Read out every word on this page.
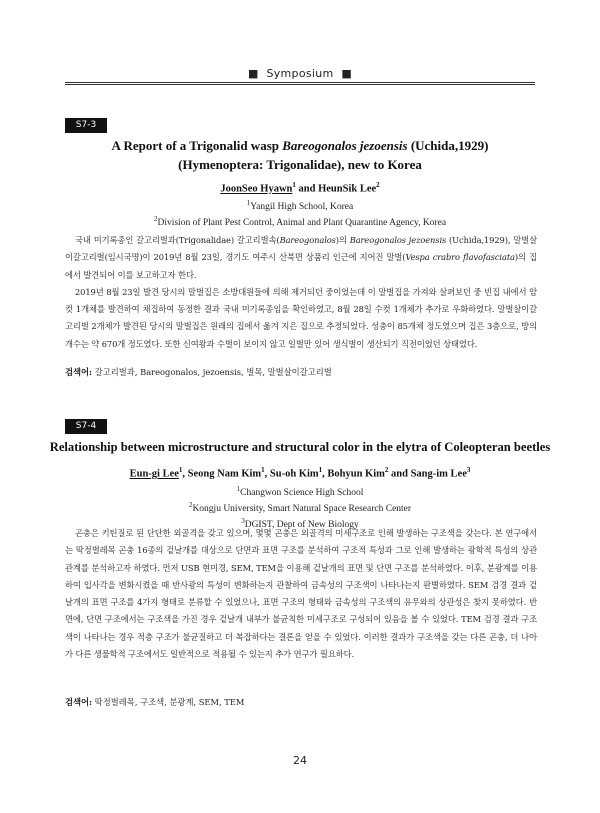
■ Symposium ■
S7-3
A Report of a Trigonalid wasp Bareogonalos jezoensis (Uchida,1929)
(Hymenoptera: Trigonalidae), new to Korea
JoonSeo Hyawn$^1$ and HeunSik Lee$^2$
$^1$Yangil High School, Korea
$^2$Division of Plant Pest Control, Animal and Plant Quarantine Agency, Korea

국내 미기록종인 갈고리벌과(Trigonalidae) 갈고리벌속(Bareogonalos)의 Bareogonalos jezoensis (Uchida,1929), 말벌살이갈고리벌(임시국명)이 2019년 8월 23일, 경기도 여주시 산북면 상품리 인근에 지어진 말벌(Vespa crabro flavofasciata)의 집에서 발견되어 이를 보고하고자 한다.

2019년 8월 23일 발견 당시의 말벌집은 소방대원들에 의해 제거되던 중이었는데 이 말벌집을 가져와 살펴보던 중 빈집 내에서 암컷 1개체를 발견하여 채집하여 동정한 결과 국내 미기록종임을 확인하였고, 8월 28일 수컷 1개체가 추가로 우화하였다. 말벌살이갈고리벌 2개체가 발견된 당시의 말벌집은 원래의 집에서 옮겨 지은 집으로 추정되었다. 성충이 85개체 정도였으며 집은 3층으로, 방의 개수는 약 670개 정도였다. 또한 신여왕과 수벌이 보이지 않고 일벌만 있어 생식벌이 생산되기 직전이었던 상태였다.

검색어: 갈고리벌과, Bareogonalos, jezoensis, 벌목, 말벌살이갈고리벌
S7-4
Relationship between microstructure and structural color in the elytra of Coleopteran beetles
Eun-gi Lee$^1$, Seong Nam Kim$^1$, Su-oh Kim$^1$, Bohyun Kim$^2$ and Sang-im Lee$^3$
$^1$Changwon Science High School
$^2$Kongju University, Smart Natural Space Research Center
$^3$DGIST, Dept of New Biology

곤충은 키틴질로 된 단단한 외골격을 갖고 있으며, 몇몇 곤충은 외골격의 미세구조로 인해 발생하는 구조색을 갖는다. 본 연구에서는 딱정벌레목 곤충 16종의 겉날개를 대상으로 단면과 표면 구조를 분석하여 구조적 특성과 그로 인해 발생하는 광학적 특성의 상관관계를 분석하고자 하였다. 먼저 USB 현미경, SEM, TEM을 이용해 겉날개의 표면 및 단면 구조를 분석하였다. 이후, 분광계를 이용하여 입사각을 변화시켰을 때 반사광의 특성이 변화하는지 관찰하여 금속성의 구조색이 나타나는지 판별하였다. SEM 검경 결과 겉날개의 표면 구조를 4가지 형태로 분류할 수 있었으나, 표면 구조의 형태와 금속성의 구조색의 유무와의 상관성은 찾지 못하였다. 반면에, 단면 구조에서는 구조색을 가진 경우 겉날개 내부가 불균칙한 미세구조로 구성되어 있음을 볼 수 있었다. TEM 검경 결과 구조색이 나타나는 경우 적층 구조가 불균질하고 더 복잡하다는 결론을 얻을 수 있었다. 이러한 결과가 구조색을 갖는 다른 곤충, 더 나아가 다른 생물학적 구조에서도 일반적으로 적용될 수 있는지 추가 연구가 필요하다.

검색어: 딱정벌레목, 구조색, 분광계, SEM, TEM
24
